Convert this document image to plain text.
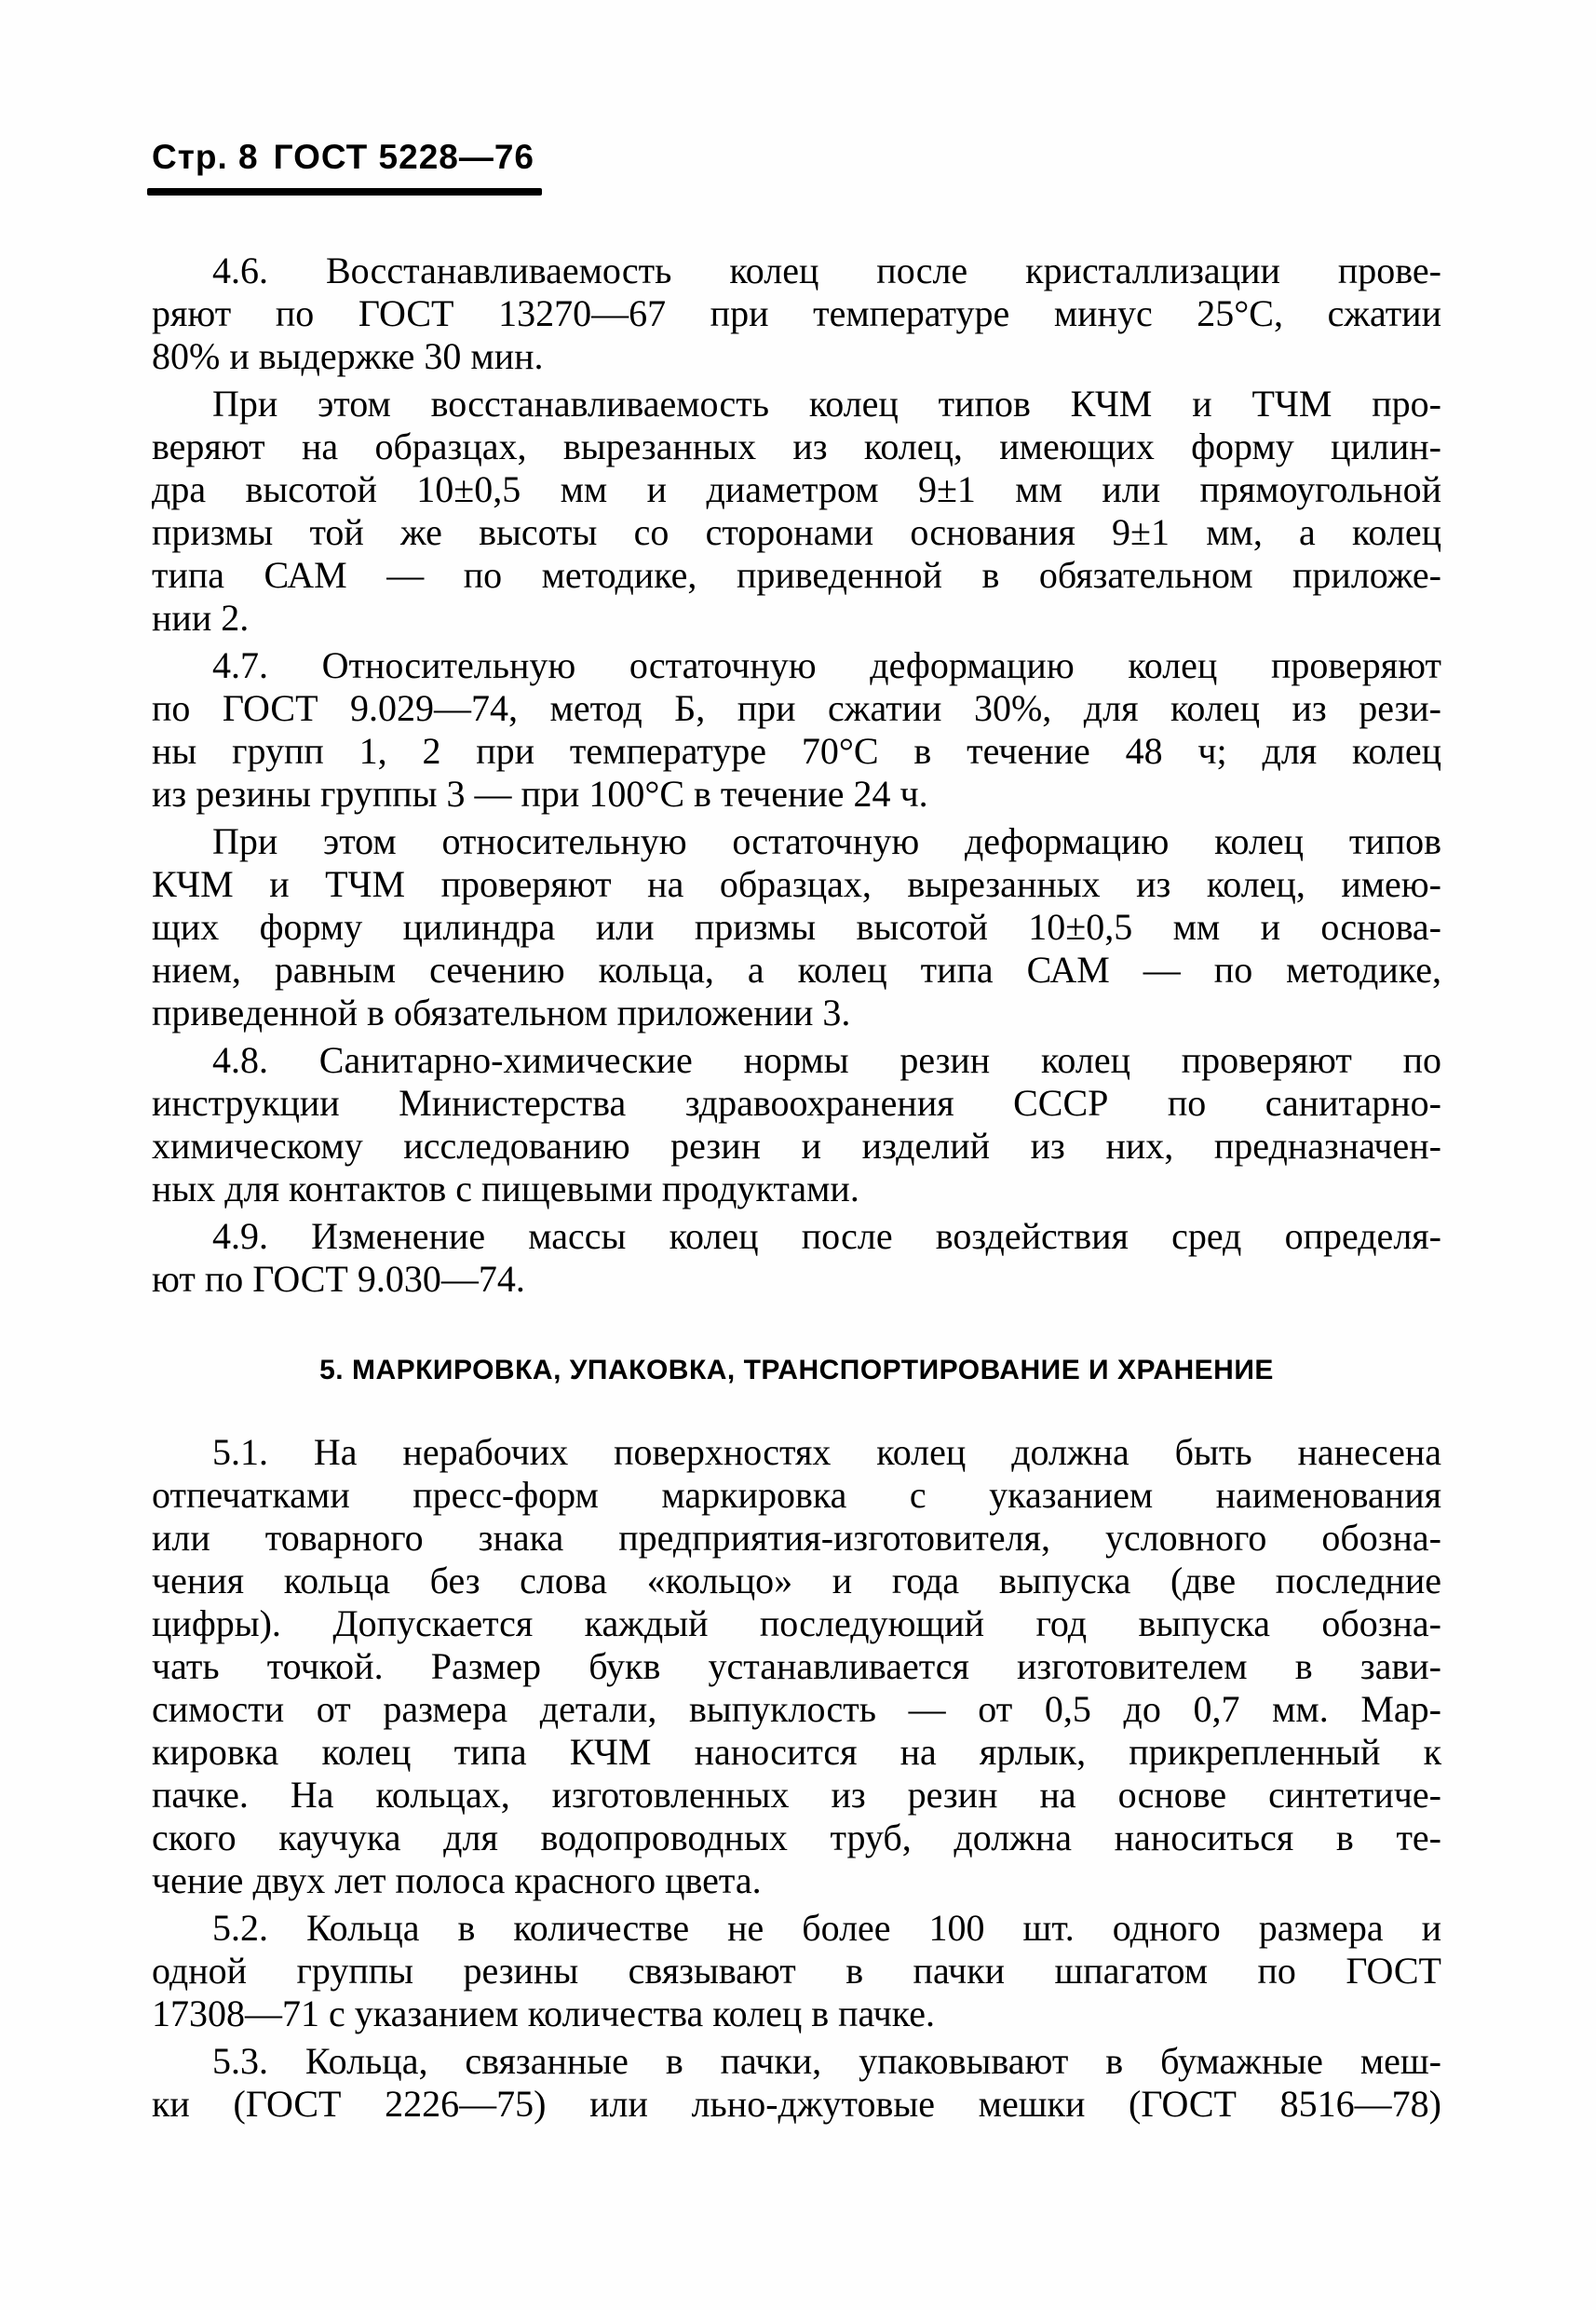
Стр. 8 ГОСТ 5228—76
4.6. Восстанавливаемость колец после кристаллизации прове-
ряют по ГОСТ 13270—67 при температуре минус 25°С, сжатии
80% и выдержке 30 мин.
При этом восстанавливаемость колец типов КЧМ и ТЧМ про-
веряют на образцах, вырезанных из колец, имеющих форму цилин-
дра высотой 10±0,5 мм и диаметром 9±1 мм или прямоугольной
призмы той же высоты со сторонами основания 9±1 мм, а колец
типа САМ — по методике, приведенной в обязательном приложе-
нии 2.
4.7. Относительную остаточную деформацию колец проверяют
по ГОСТ 9.029—74, метод Б, при сжатии 30%, для колец из рези-
ны групп 1, 2 при температуре 70°С в течение 48 ч; для колец
из резины группы 3 — при 100°С в течение 24 ч.
При этом относительную остаточную деформацию колец типов
КЧМ и ТЧМ проверяют на образцах, вырезанных из колец, имею-
щих форму цилиндра или призмы высотой 10±0,5 мм и основа-
нием, равным сечению кольца, а колец типа САМ — по методике,
приведенной в обязательном приложении 3.
4.8. Санитарно-химические нормы резин колец проверяют по
инструкции Министерства здравоохранения СССР по санитарно-
химическому исследованию резин и изделий из них, предназначен-
ных для контактов с пищевыми продуктами.
4.9. Изменение массы колец после воздействия сред определя-
ют по ГОСТ 9.030—74.
5. МАРКИРОВКА, УПАКОВКА, ТРАНСПОРТИРОВАНИЕ И ХРАНЕНИЕ
5.1. На нерабочих поверхностях колец должна быть нанесена
отпечатками пресс-форм маркировка с указанием наименования
или товарного знака предприятия-изготовителя, условного обозна-
чения кольца без слова «кольцо» и года выпуска (две последние
цифры). Допускается каждый последующий год выпуска обозна-
чать точкой. Размер букв устанавливается изготовителем в зави-
симости от размера детали, выпуклость — от 0,5 до 0,7 мм. Мар-
кировка колец типа КЧМ наносится на ярлык, прикрепленный к
пачке. На кольцах, изготовленных из резин на основе синтетиче-
ского каучука для водопроводных труб, должна наноситься в те-
чение двух лет полоса красного цвета.
5.2. Кольца в количестве не более 100 шт. одного размера и
одной группы резины связывают в пачки шпагатом по ГОСТ
17308—71 с указанием количества колец в пачке.
5.3. Кольца, связанные в пачки, упаковывают в бумажные меш-
ки (ГОСТ 2226—75) или льно-джутовые мешки (ГОСТ 8516—78)
